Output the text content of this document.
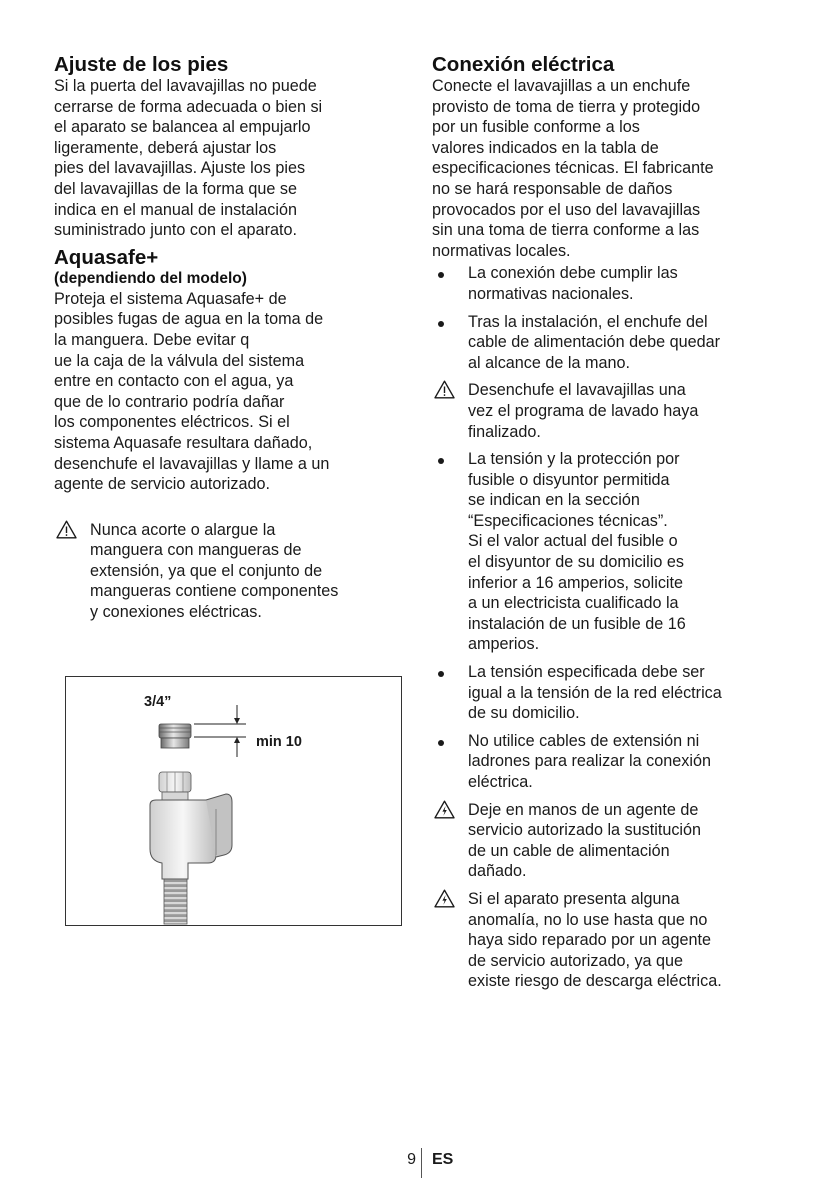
Ajuste de los pies

Si la puerta del lavavajillas no puede
cerrarse de forma adecuada o bien si
el aparato se balancea al empujarlo
ligeramente, deberá ajustar los
pies del lavavajillas. Ajuste los pies
del lavavajillas de la forma que se
indica en el manual de instalación
suministrado junto con el aparato.

Aquasafe+
(dependiendo del modelo)

Proteja el sistema Aquasafe+ de
posibles fugas de agua en la toma de
la manguera. Debe evitar q
ue la caja de la válvula del sistema
entre en contacto con el agua, ya
que de lo contrario podría dañar
los componentes eléctricos. Si el
sistema Aquasafe resultara dañado,
desenchufe el lavavajillas y llame a un
agente de servicio autorizado.

Nunca acorte o alargue la
manguera con mangueras de
extensión, ya que el conjunto de
mangueras contiene componentes
y conexiones eléctricas.
3/4”
min 10
Conexión eléctrica

Conecte el lavavajillas a un enchufe
provisto de toma de tierra y protegido
por un fusible conforme a los
valores indicados en la tabla de
especificaciones técnicas. El fabricante
no se hará responsable de daños
provocados por el uso del lavavajillas
sin una toma de tierra conforme a las
normativas locales.

La conexión debe cumplir las
normativas nacionales.
Tras la instalación, el enchufe del
cable de alimentación debe quedar
al alcance de la mano.
Desenchufe el lavavajillas una
vez el programa de lavado haya
finalizado.
La tensión y la protección por
fusible o disyuntor permitida
se indican en la sección
“Especificaciones técnicas”.
Si el valor actual del fusible o
el disyuntor de su domicilio es
inferior a 16 amperios, solicite
a un electricista cualificado la
instalación de un fusible de 16
amperios.
La tensión especificada debe ser
igual a la tensión de la red eléctrica
de su domicilio.
No utilice cables de extensión ni
ladrones para realizar la conexión
eléctrica.
Deje en manos de un agente de
servicio autorizado la sustitución
de un cable de alimentación
dañado.
Si el aparato presenta alguna
anomalía, no lo use hasta que no
haya sido reparado por un agente
de servicio autorizado, ya que
existe riesgo de descarga eléctrica.
9 ES
